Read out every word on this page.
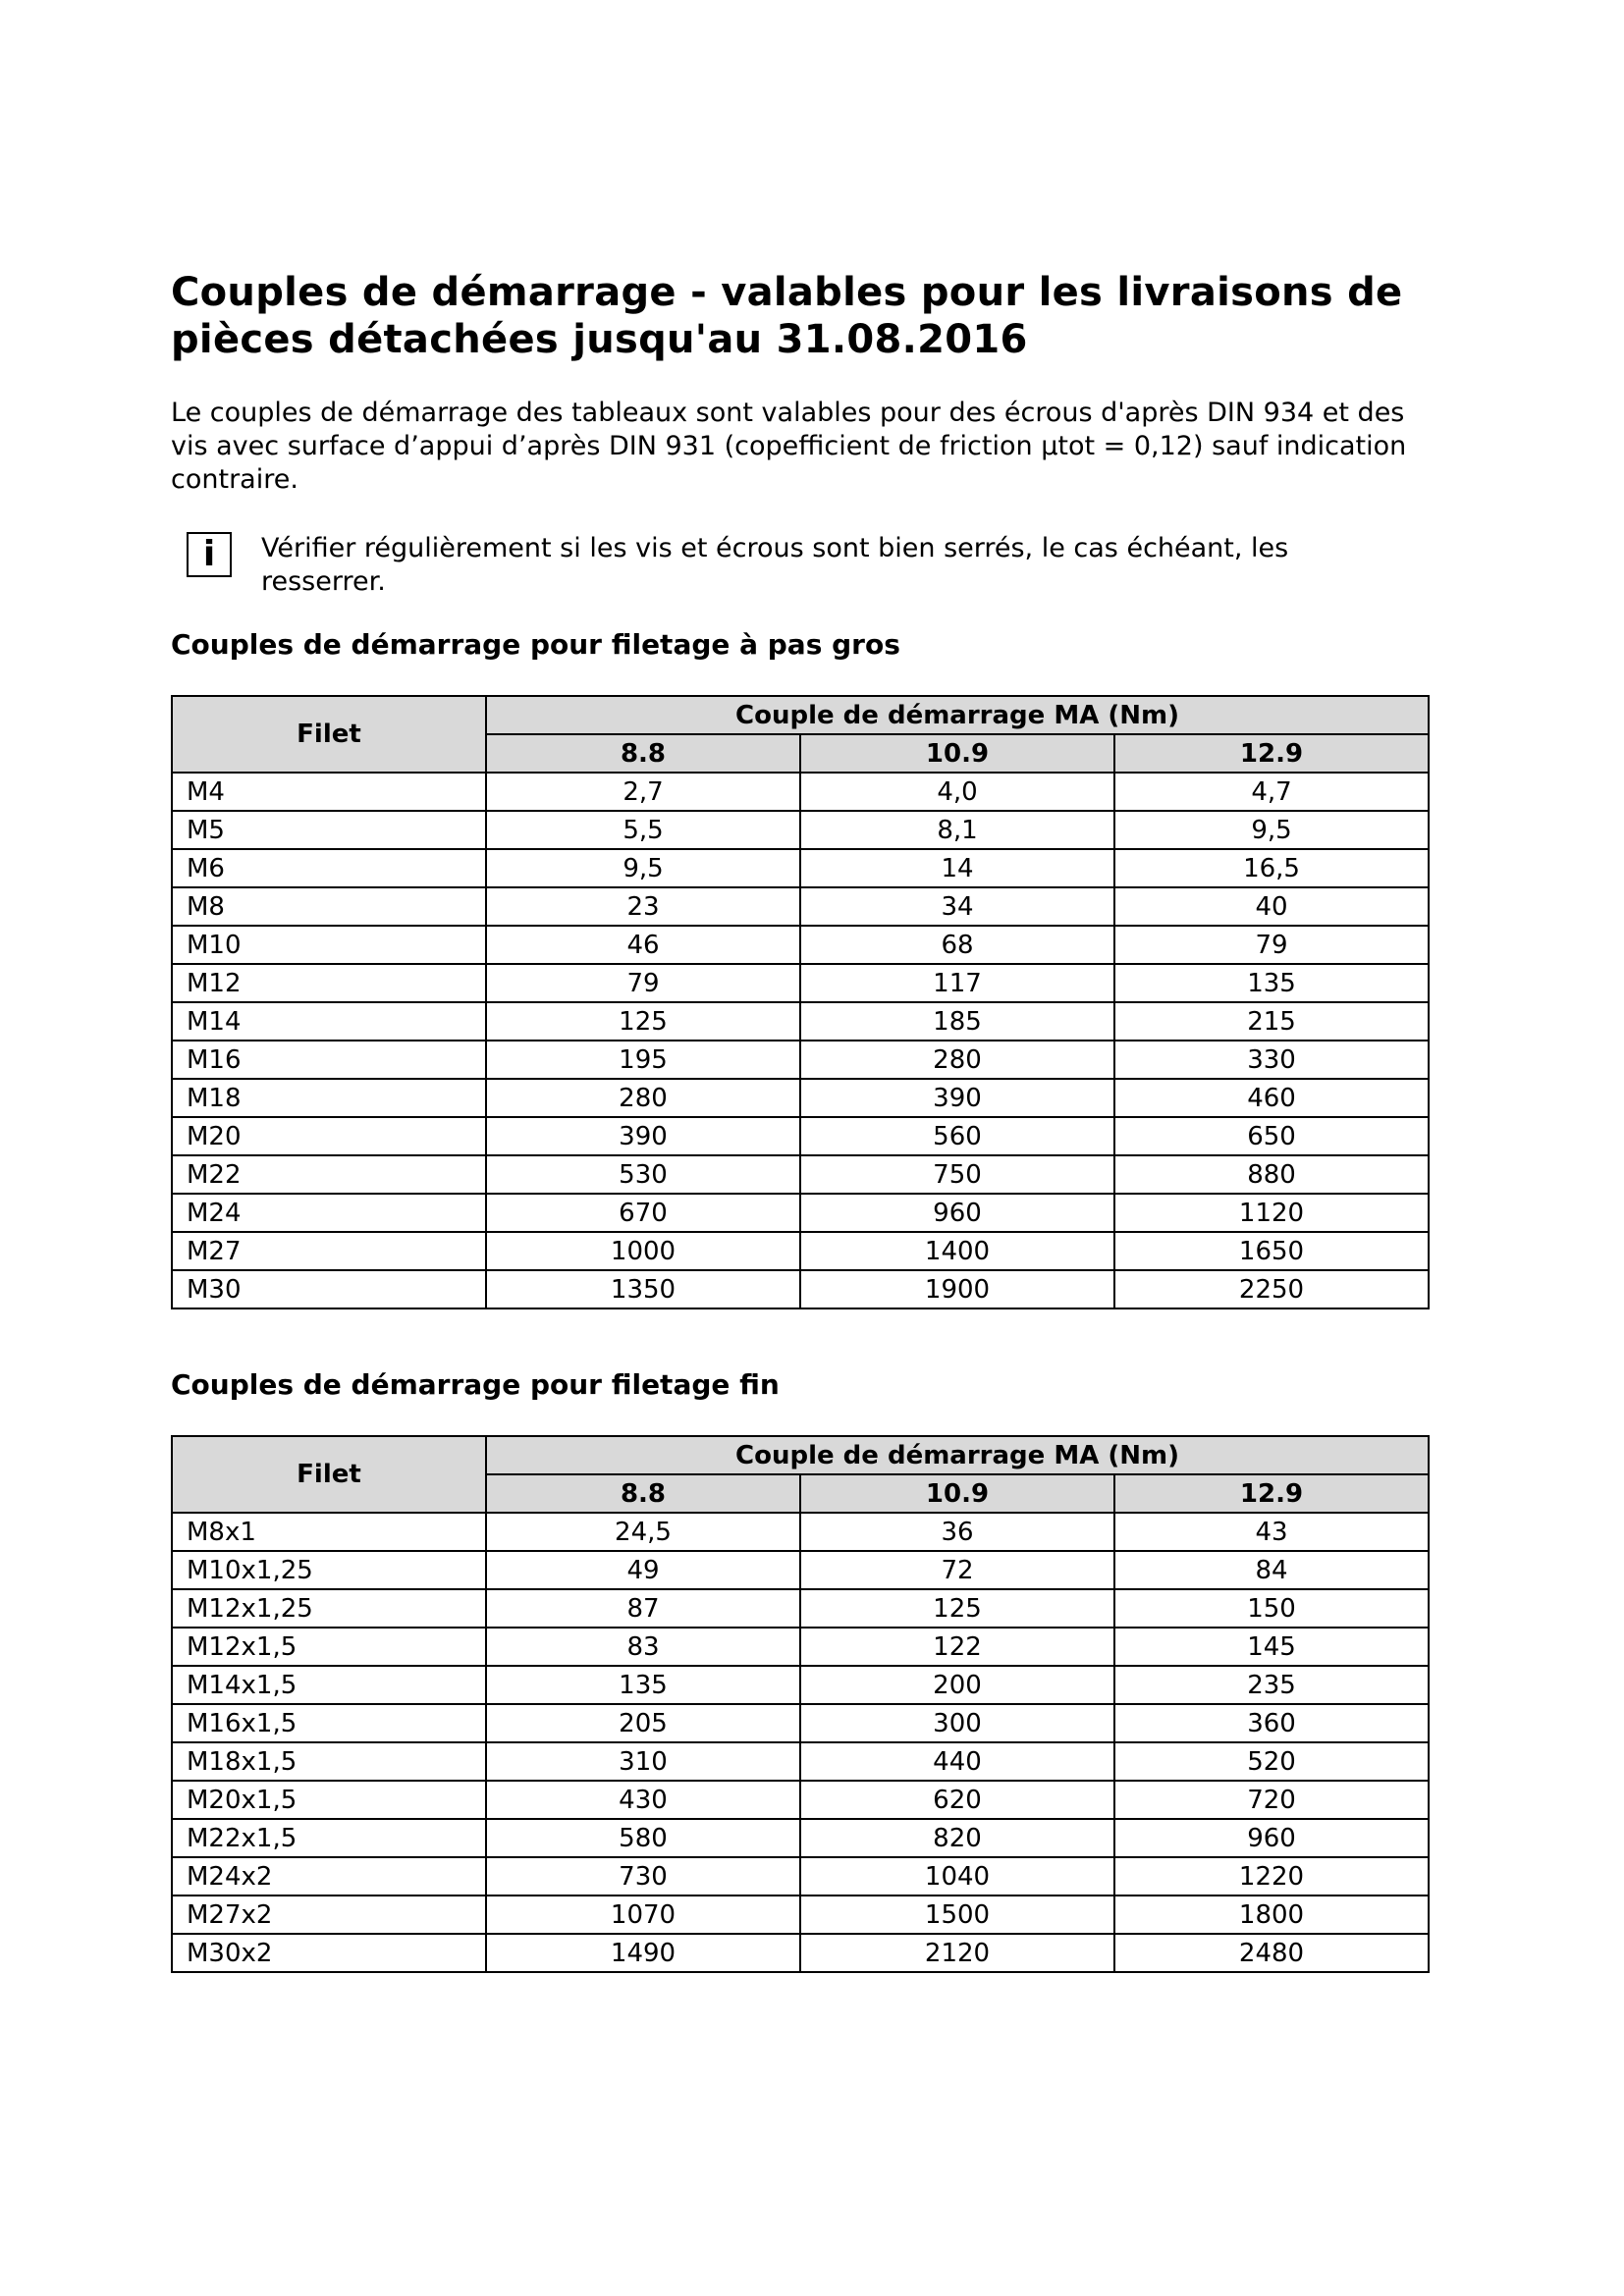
Couples de démarrage - valables pour les livraisons de pièces détachées jusqu'au 31.08.2016

Le couples de démarrage des tableaux sont valables pour des écrous d'après DIN 934 et des vis avec surface d’appui d’après DIN 931 (copefficient de friction µtot = 0,12) sauf indication contraire.

i	Vérifier régulièrement si les vis et écrous sont bien serrés, le cas échéant, les resserrer.

Couples de démarrage pour filetage à pas gros
Filet	Couple de démarrage MA (Nm)		
	8.8	10.9	12.9
M4	2,7	4,0	4,7
M5	5,5	8,1	9,5
M6	9,5	14	16,5
M8	23	34	40
M10	46	68	79
M12	79	117	135
M14	125	185	215
M16	195	280	330
M18	280	390	460
M20	390	560	650
M22	530	750	880
M24	670	960	1120
M27	1000	1400	1650
M30	1350	1900	2250
Couples de démarrage pour filetage fin
Filet	Couple de démarrage MA (Nm)		
	8.8	10.9	12.9
M8x1	24,5	36	43
M10x1,25	49	72	84
M12x1,25	87	125	150
M12x1,5	83	122	145
M14x1,5	135	200	235
M16x1,5	205	300	360
M18x1,5	310	440	520
M20x1,5	430	620	720
M22x1,5	580	820	960
M24x2	730	1040	1220
M27x2	1070	1500	1800
M30x2	1490	2120	2480
